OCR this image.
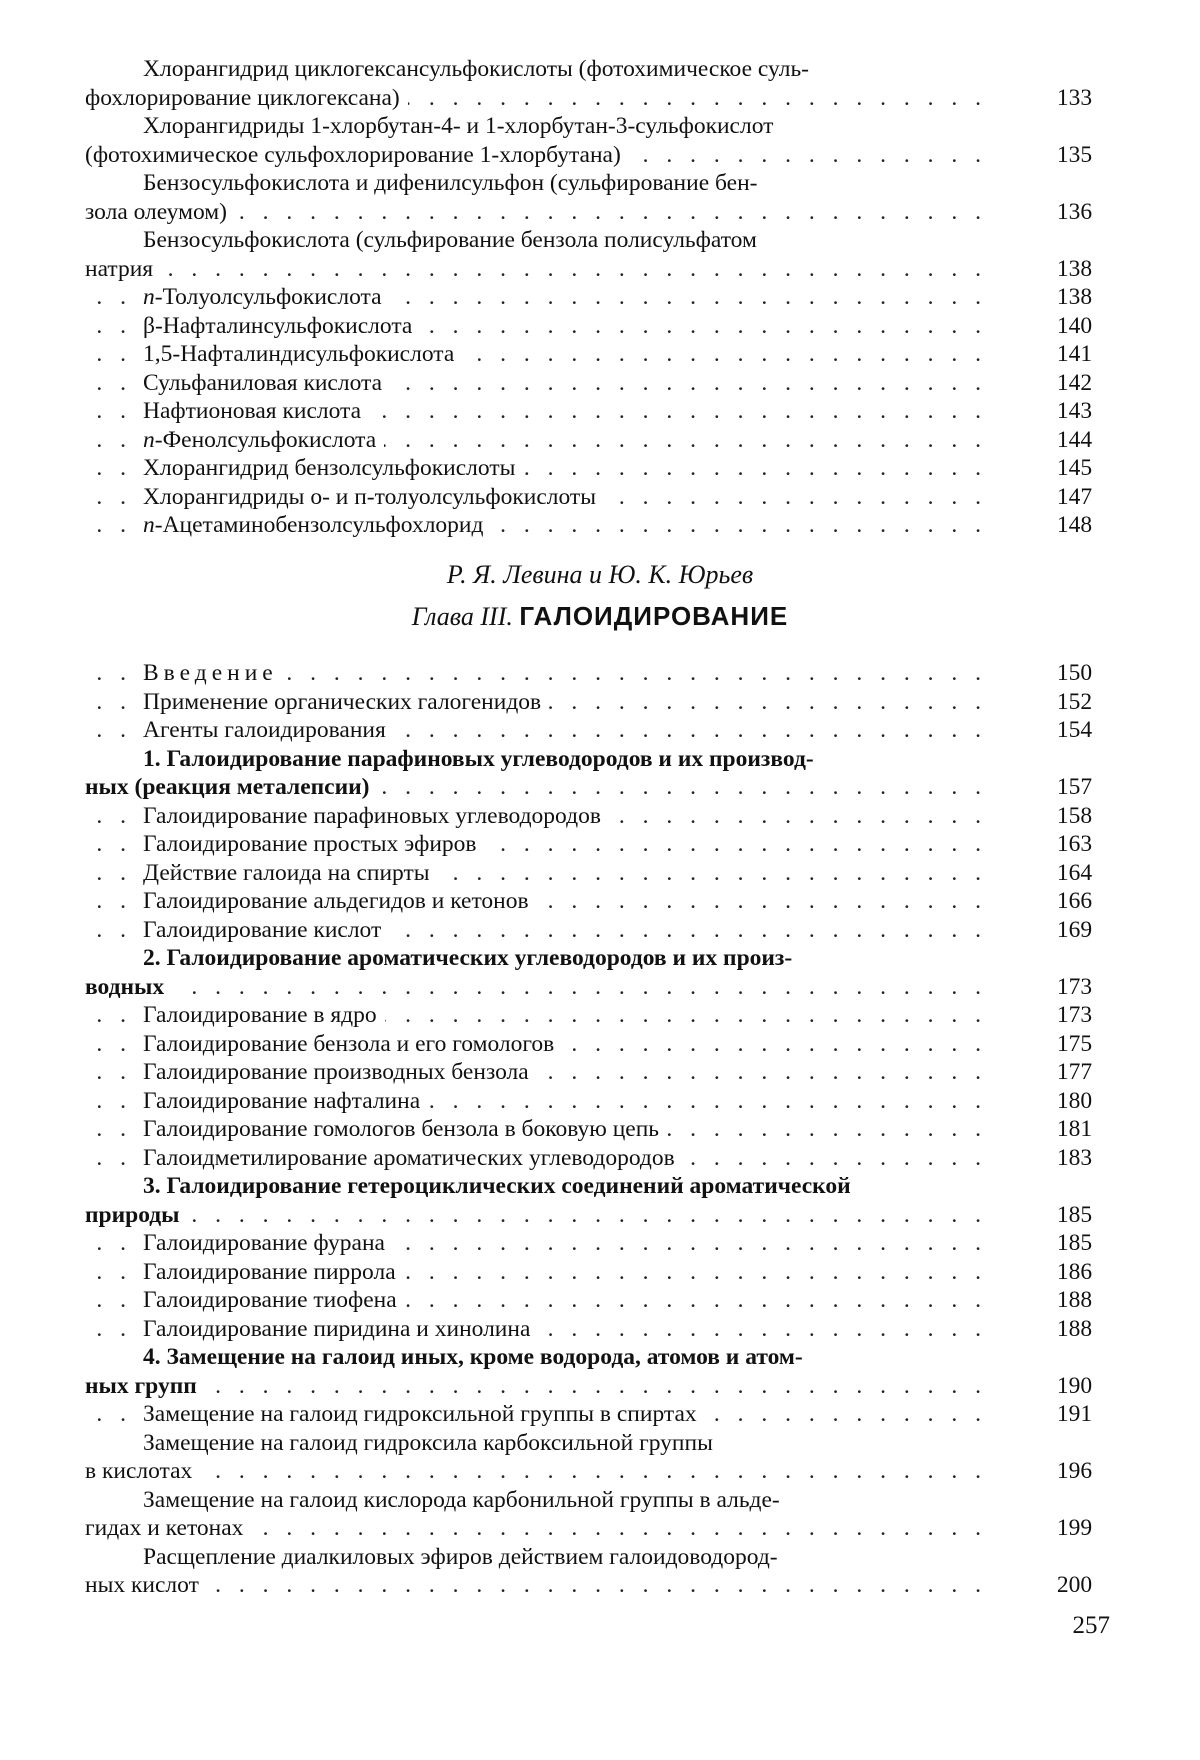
Хлорангидрид циклогексансульфокислоты (фотохимическое суль-
. . . фохлорирование циклогексана)	133
Хлорангидриды 1-хлорбутан-4- и 1-хлорбутан-3-сульфокислот
. . . (фотохимическое сульфохлорирование 1-хлорбутана)	135
Бензосульфокислота и дифенилсульфон (сульфирование бен-
. . . зола олеумом)	136
Бензосульфокислота (сульфирование бензола полисульфатом
. . . натрия	138
. . . п-Толуолсульфокислота	138
. . . β-Нафталинсульфокислота	140
. . . 1,5-Нафталиндисульфокислота	141
. . . Сульфаниловая кислота	142
. . . Нафтионовая кислота	143
. . . п-Фенолсульфокислота	144
. . . Хлорангидрид бензолсульфокислоты	145
. . . Хлорангидриды о- и п-толуолсульфокислоты	147
. . . п-Ацетаминобензолсульфохлорид	148
Р. Я. Левина и Ю. К. Юрьев
Глава III. ГАЛОИДИРОВАНИЕ
. . . Введение	150
. . . Применение органических галогенидов	152
. . . Агенты галоидирования	154
1. Галоидирование парафиновых углеводородов и их производ-
. . . ных (реакция металепсии)	157
. . . Галоидирование парафиновых углеводородов	158
. . . Галоидирование простых эфиров	163
. . . Действие галоида на спирты	164
. . . Галоидирование альдегидов и кетонов	166
. . . Галоидирование кислот	169
2. Галоидирование ароматических углеводородов и их произ-
. . . водных	173
. . . Галоидирование в ядро	173
. . . Галоидирование бензола и его гомологов	175
. . . Галоидирование производных бензола	177
. . . Галоидирование нафталина	180
. . . Галоидирование гомологов бензола в боковую цепь	181
. . . Галоидметилирование ароматических углеводородов	183
3. Галоидирование гетероциклических соединений ароматической
. . . природы	185
. . . Галоидирование фурана	185
. . . Галоидирование пиррола	186
. . . Галоидирование тиофена	188
. . . Галоидирование пиридина и хинолина	188
4. Замещение на галоид иных, кроме водорода, атомов и атом-
. . . ных групп	190
. . . Замещение на галоид гидроксильной группы в спиртах	191
Замещение на галоид гидроксила карбоксильной группы
. . . в кислотах	196
Замещение на галоид кислорода карбонильной группы в альде-
. . . гидах и кетонах	199
Расщепление диалкиловых эфиров действием галоидоводород-
. . . ных кислот	200
257
